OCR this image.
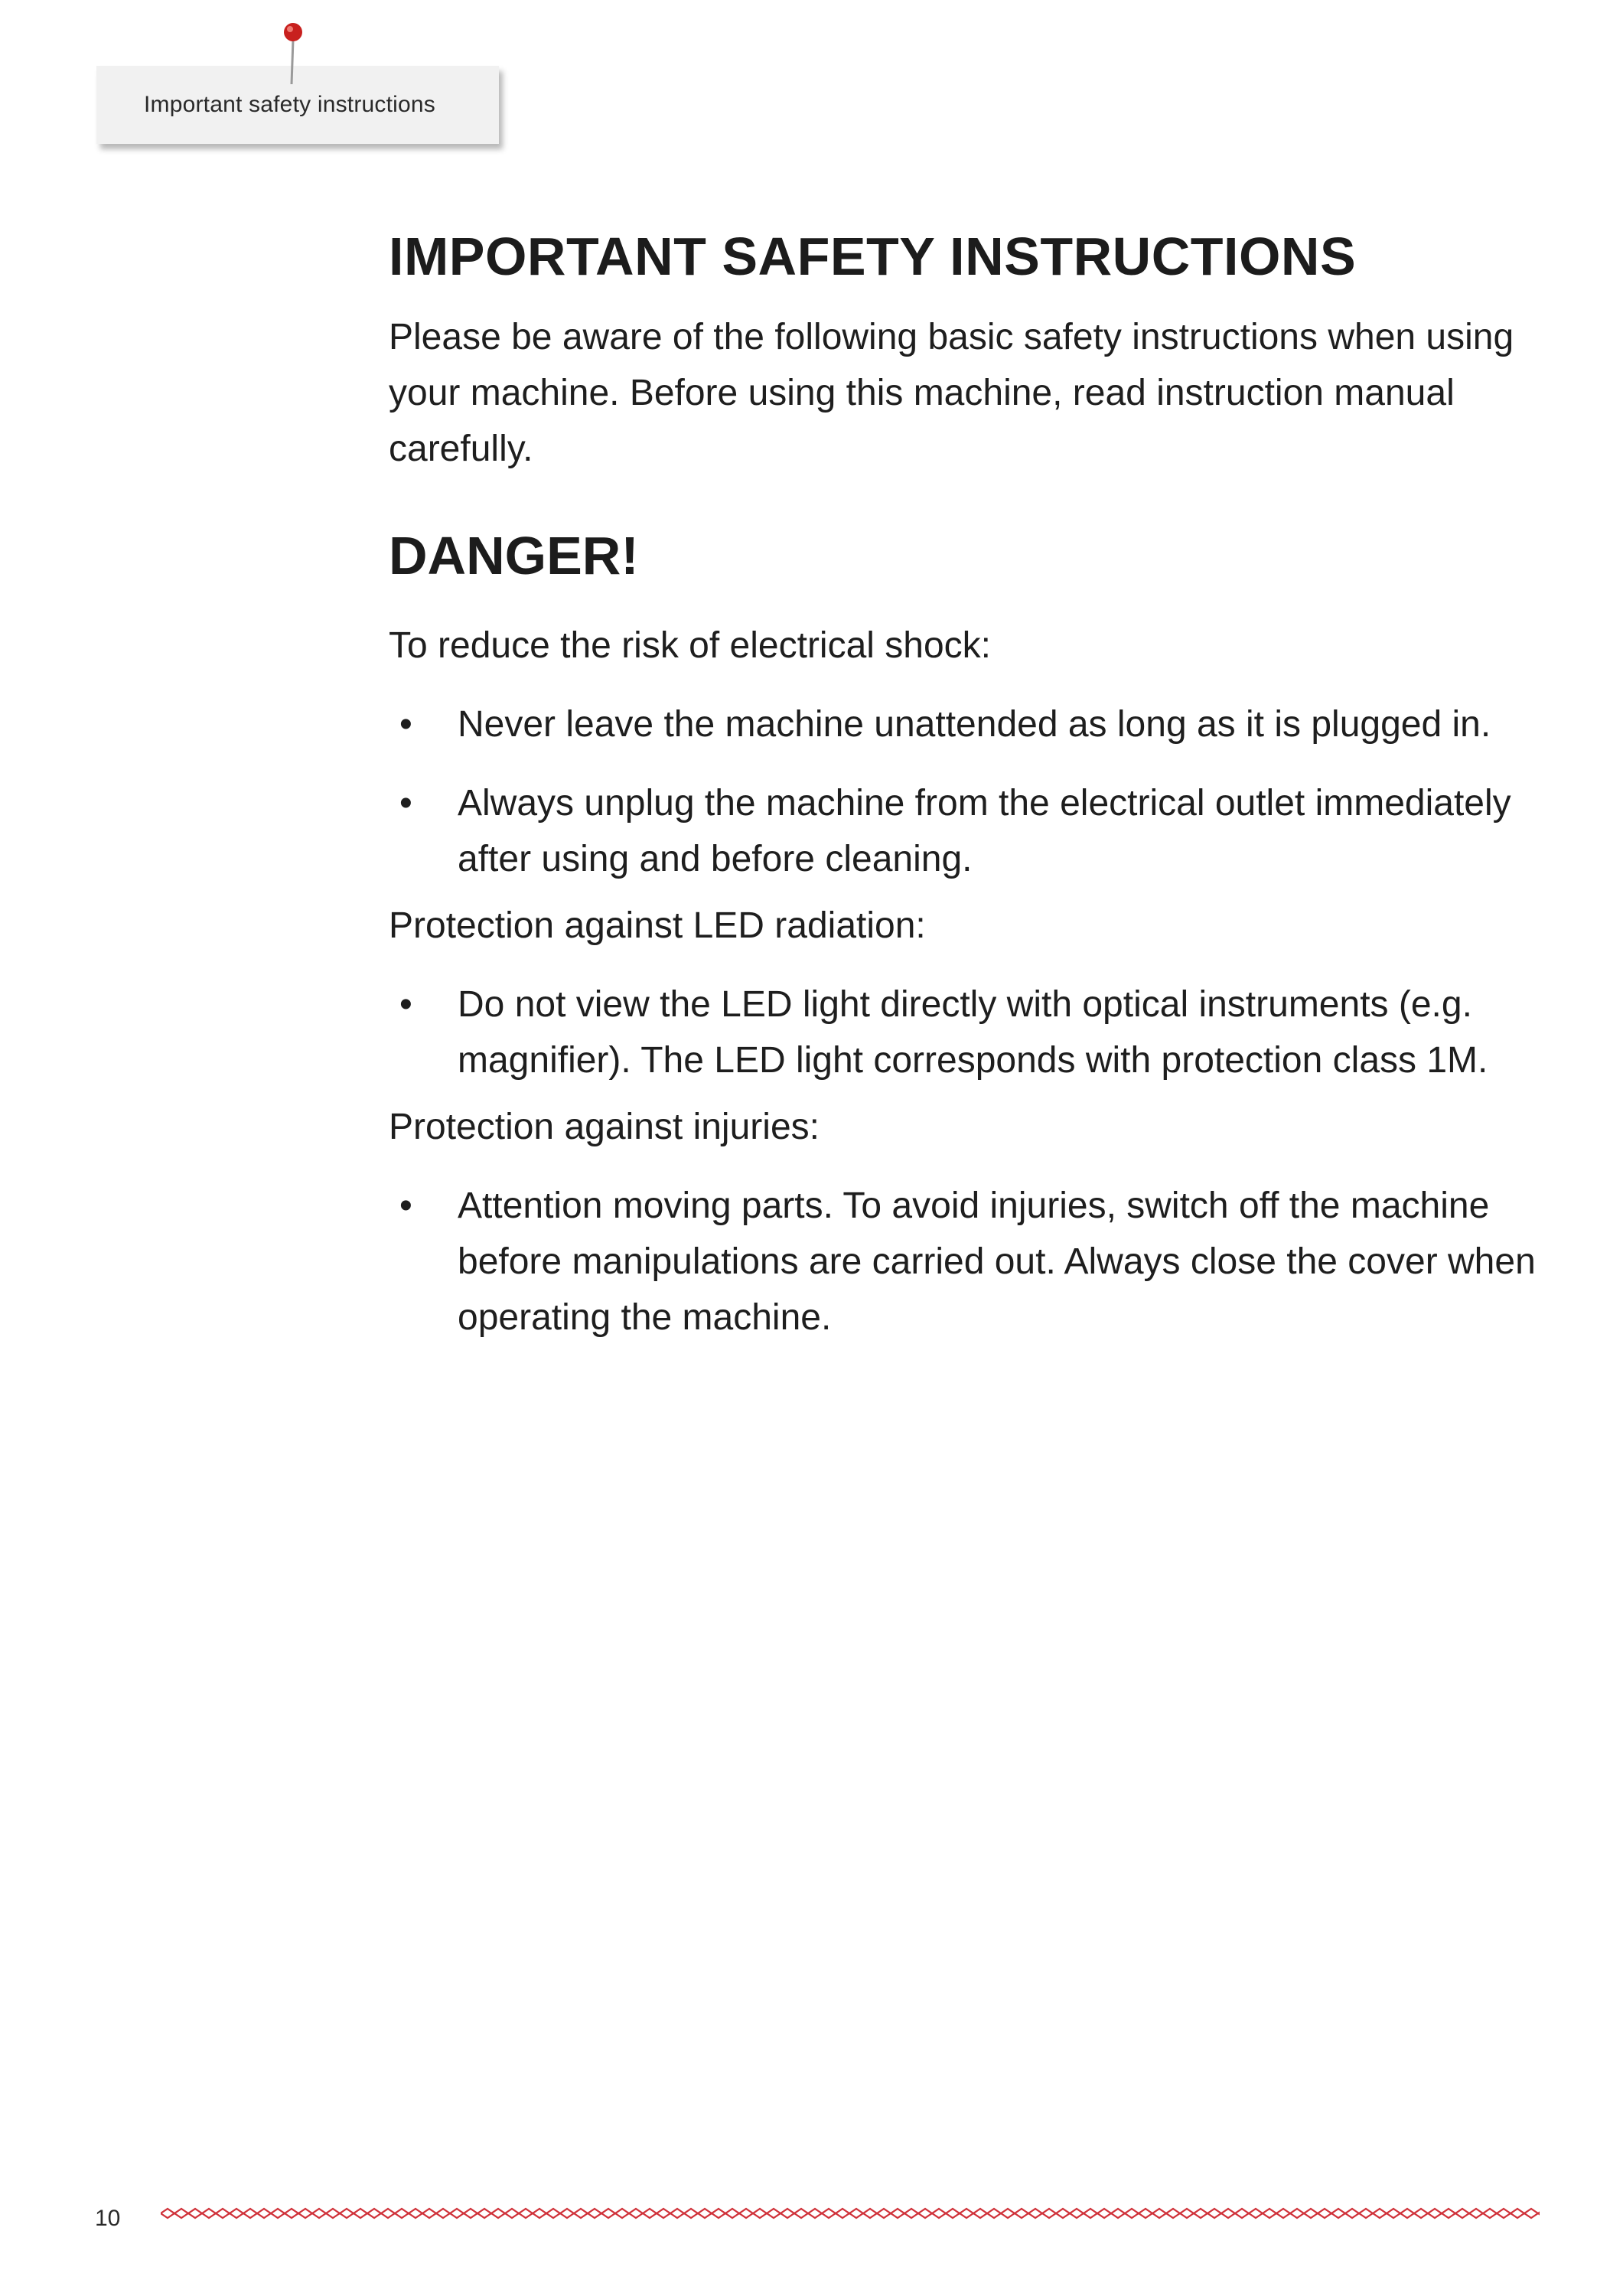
Important safety instructions
IMPORTANT SAFETY INSTRUCTIONS

Please be aware of the following basic safety instructions when using your machine. Before using this machine, read instruction manual carefully.

DANGER!

To reduce the risk of electrical shock:

• Never leave the machine unattended as long as it is plugged in.
• Always unplug the machine from the electrical outlet immediately after using and before cleaning.

Protection against LED radiation:

• Do not view the LED light directly with optical instruments (e.g. magnifier). The LED light corresponds with protection class 1M.

Protection against injuries:

• Attention moving parts. To avoid injuries, switch off the machine before manipulations are carried out. Always close the cover when operating the machine.
10
